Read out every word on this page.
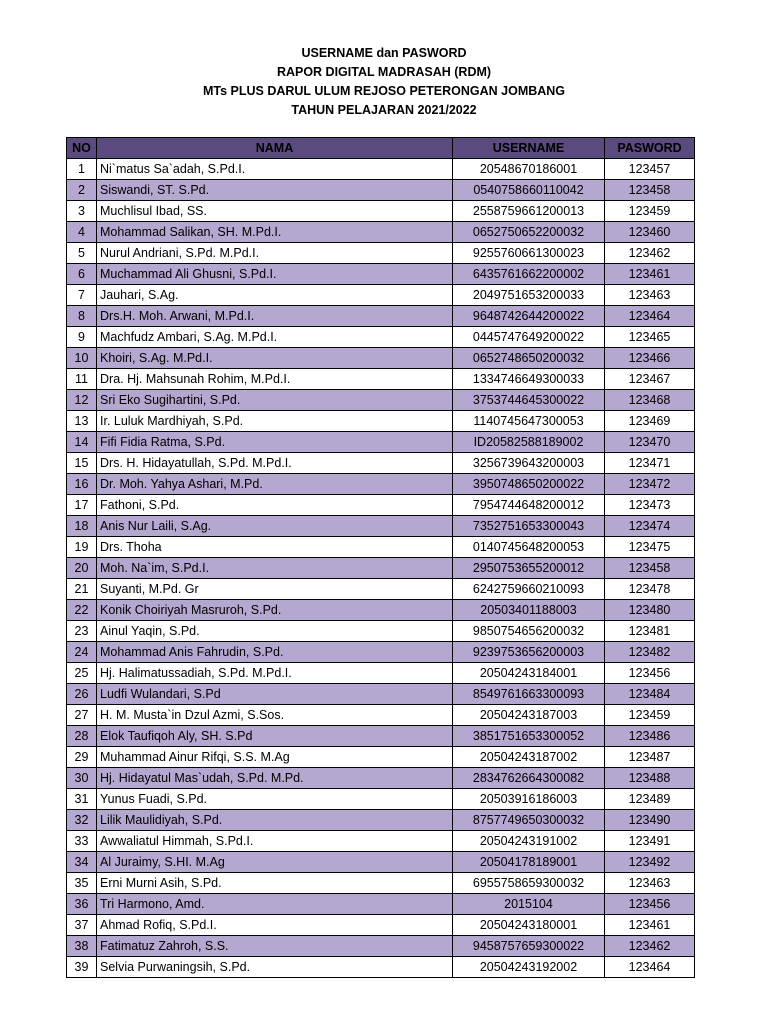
USERNAME dan PASWORD
RAPOR DIGITAL MADRASAH (RDM)
MTs PLUS DARUL ULUM REJOSO PETERONGAN JOMBANG
TAHUN PELAJARAN 2021/2022
NO	NAMA	USERNAME	PASWORD
1	Ni`matus Sa`adah, S.Pd.I.	20548670186001	123457
2	Siswandi, ST. S.Pd.	0540758660110042	123458
3	Muchlisul Ibad, SS.	2558759661200013	123459
4	Mohammad Salikan, SH. M.Pd.I.	0652750652200032	123460
5	Nurul Andriani, S.Pd. M.Pd.I.	9255760661300023	123462
6	Muchammad Ali Ghusni, S.Pd.I.	6435761662200002	123461
7	Jauhari, S.Ag.	2049751653200033	123463
8	Drs.H. Moh. Arwani, M.Pd.I.	9648742644200022	123464
9	Machfudz Ambari, S.Ag. M.Pd.I.	0445747649200022	123465
10	Khoiri, S.Ag. M.Pd.I.	0652748650200032	123466
11	Dra. Hj. Mahsunah Rohim, M.Pd.I.	1334746649300033	123467
12	Sri Eko Sugihartini, S.Pd.	3753744645300022	123468
13	Ir. Luluk Mardhiyah, S.Pd.	1140745647300053	123469
14	Fifi Fidia Ratma, S.Pd.	ID20582588189002	123470
15	Drs. H. Hidayatullah, S.Pd. M.Pd.I.	3256739643200003	123471
16	Dr. Moh. Yahya Ashari, M.Pd.	3950748650200022	123472
17	Fathoni, S.Pd.	7954744648200012	123473
18	Anis Nur Laili, S.Ag.	7352751653300043	123474
19	Drs. Thoha	0140745648200053	123475
20	Moh. Na`im, S.Pd.I.	2950753655200012	123458
21	Suyanti, M.Pd. Gr	6242759660210093	123478
22	Konik Choiriyah Masruroh, S.Pd.	20503401188003	123480
23	Ainul Yaqin, S.Pd.	9850754656200032	123481
24	Mohammad Anis Fahrudin, S.Pd.	9239753656200003	123482
25	Hj. Halimatussadiah, S.Pd. M.Pd.I.	20504243184001	123456
26	Ludfi Wulandari, S.Pd	8549761663300093	123484
27	H. M. Musta`in Dzul Azmi, S.Sos.	20504243187003	123459
28	Elok Taufiqoh Aly, SH. S.Pd	3851751653300052	123486
29	Muhammad Ainur Rifqi, S.S. M.Ag	20504243187002	123487
30	Hj. Hidayatul Mas`udah, S.Pd. M.Pd.	2834762664300082	123488
31	Yunus Fuadi, S.Pd.	20503916186003	123489
32	Lilik Maulidiyah, S.Pd.	8757749650300032	123490
33	Awwaliatul Himmah, S.Pd.I.	20504243191002	123491
34	Al Juraimy, S.HI. M.Ag	20504178189001	123492
35	Erni Murni Asih, S.Pd.	6955758659300032	123463
36	Tri Harmono, Amd.	2015104	123456
37	Ahmad Rofiq, S.Pd.I.	20504243180001	123461
38	Fatimatuz Zahroh, S.S.	9458757659300022	123462
39	Selvia Purwaningsih, S.Pd.	20504243192002	123464
